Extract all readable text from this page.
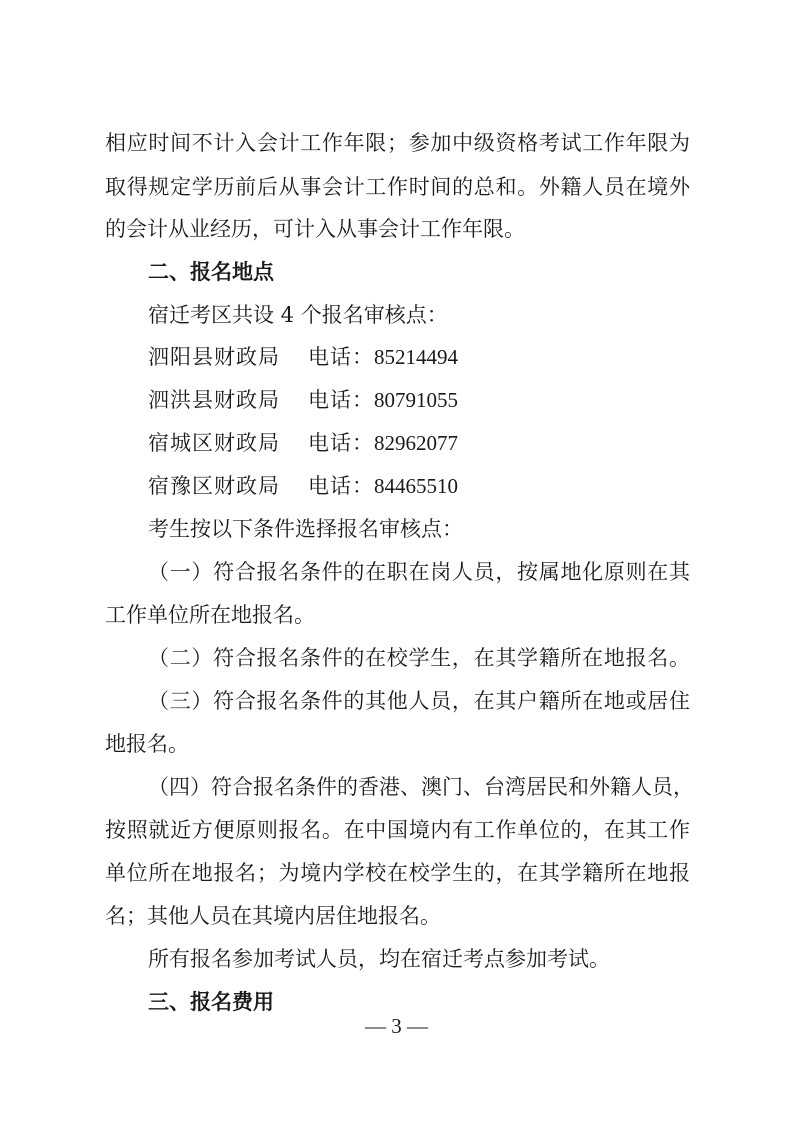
相应时间不计入会计工作年限；参加中级资格考试工作年限为
取得规定学历前后从事会计工作时间的总和。外籍人员在境外
的会计从业经历，可计入从事会计工作年限。
二、报名地点
宿迁考区共设 4 个报名审核点：
泗阳县财政局 电话：85214494
泗洪县财政局 电话：80791055
宿城区财政局 电话：82962077
宿豫区财政局 电话：84465510
考生按以下条件选择报名审核点：
（一）符合报名条件的在职在岗人员，按属地化原则在其
工作单位所在地报名。
（二）符合报名条件的在校学生，在其学籍所在地报名。
（三）符合报名条件的其他人员，在其户籍所在地或居住
地报名。
（四）符合报名条件的香港、澳门、台湾居民和外籍人员，
按照就近方便原则报名。在中国境内有工作单位的，在其工作
单位所在地报名；为境内学校在校学生的，在其学籍所在地报
名；其他人员在其境内居住地报名。
所有报名参加考试人员，均在宿迁考点参加考试。
三、报名费用
— 3 —
